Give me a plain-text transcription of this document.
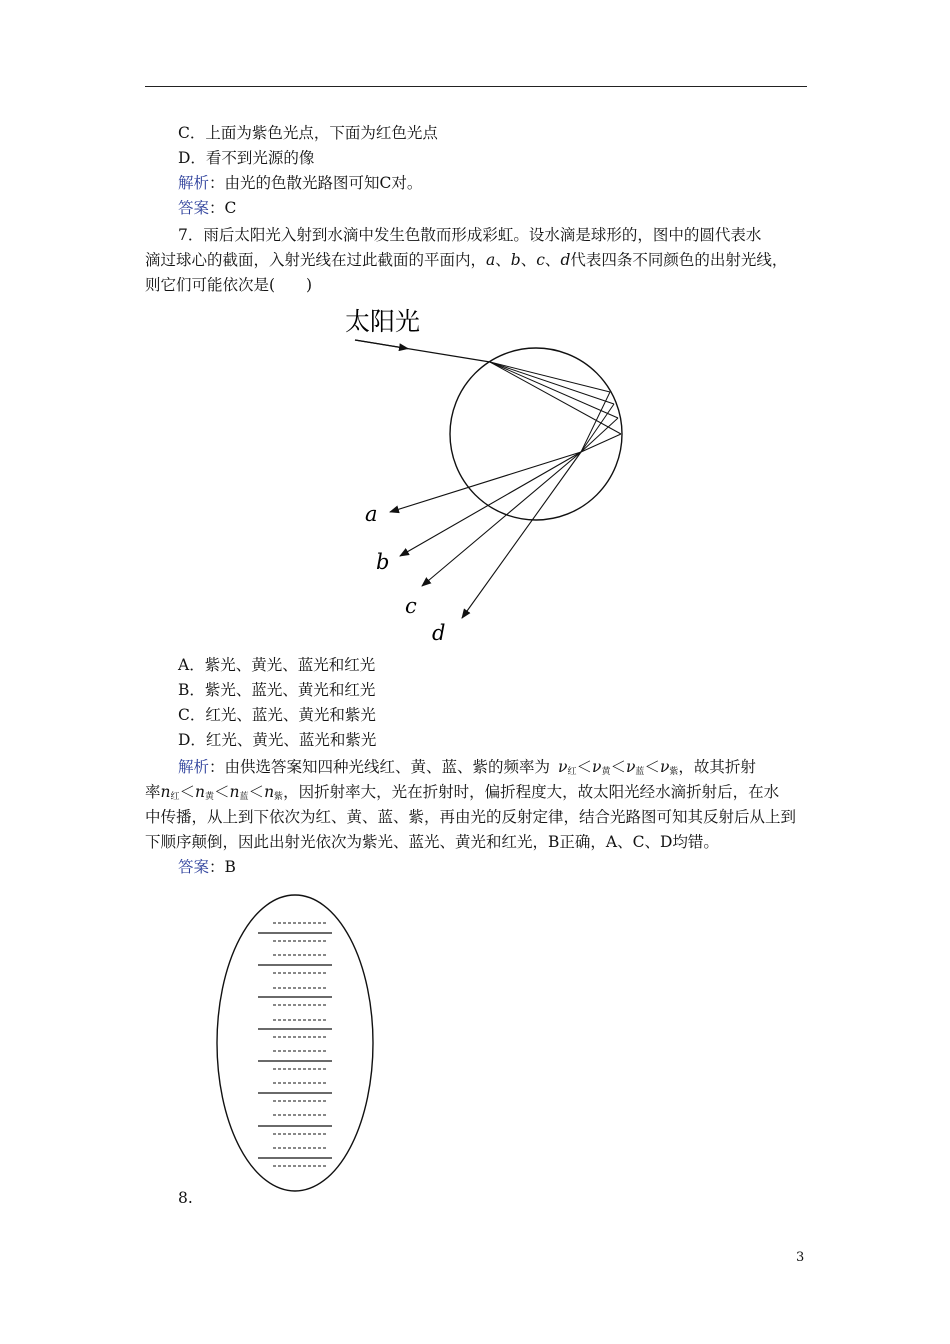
C．上面为紫色光点，下面为红色光点
D．看不到光源的像
解析：由光的色散光路图可知C对。
答案：C
7．雨后太阳光入射到水滴中发生色散而形成彩虹。设水滴是球形的，图中的圆代表水
滴过球心的截面，入射光线在过此截面的平面内，a、b、c、d代表四条不同颜色的出射光线，
则它们可能依次是(　　)
太阳光
a
b
c
d
A．紫光、黄光、蓝光和红光
B．紫光、蓝光、黄光和红光
C．红光、蓝光、黄光和紫光
D．红光、黄光、蓝光和紫光
解析：由供选答案知四种光线红、黄、蓝、紫的频率为 $\nu_红<\nu_黄<\nu_蓝<\nu_紫$，故其折射
率$n_红<n_黄<n_蓝<n_紫$，因折射率大，光在折射时，偏折程度大，故太阳光经水滴折射后，在水
中传播，从上到下依次为红、黄、蓝、紫，再由光的反射定律，结合光路图可知其反射后从上到
下顺序颠倒，因此出射光依次为紫光、蓝光、黄光和红光，B正确，A、C、D均错。
答案：B
8.
3
